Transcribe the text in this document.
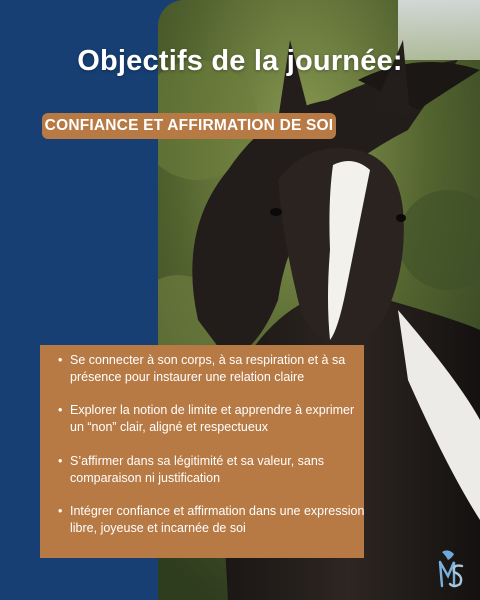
Objectifs de la journée:
CONFIANCE ET AFFIRMATION DE SOI
• Se connecter à son corps, à sa respiration et à sa présence pour instaurer une relation claire
• Explorer la notion de limite et apprendre à exprimer un “non” clair, aligné et respectueux
• S’affirmer dans sa légitimité et sa valeur, sans comparaison ni justification
• Intégrer confiance et affirmation dans une expression libre, joyeuse et incarnée de soi
